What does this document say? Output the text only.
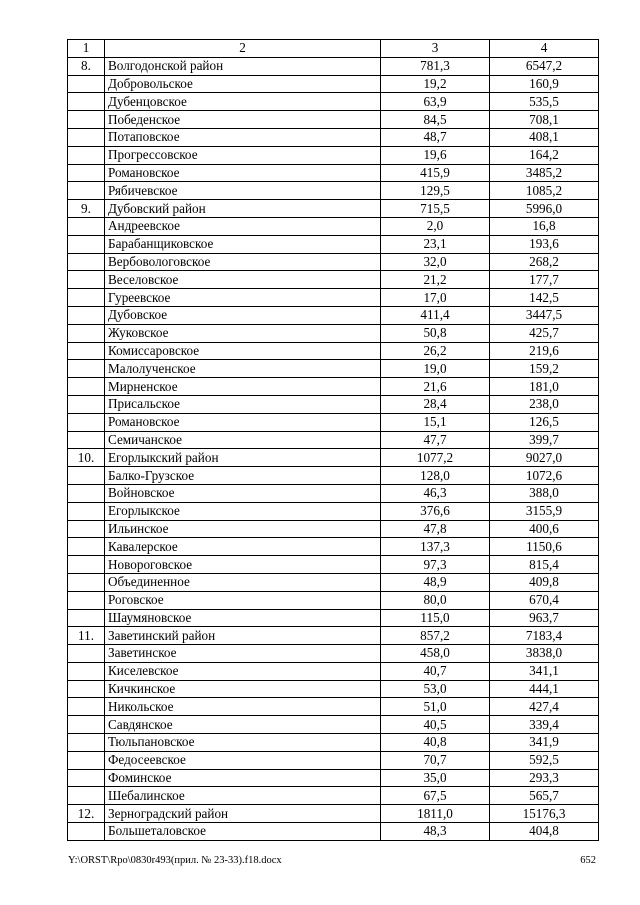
1	2	3	4
8.	Волгодонской район	781,3	6547,2
	Добровольское	19,2	160,9
	Дубенцовское	63,9	535,5
	Победенское	84,5	708,1
	Потаповское	48,7	408,1
	Прогрессовское	19,6	164,2
	Романовское	415,9	3485,2
	Рябичевское	129,5	1085,2
9.	Дубовский район	715,5	5996,0
	Андреевское	2,0	16,8
	Барабанщиковское	23,1	193,6
	Вербовологовское	32,0	268,2
	Веселовское	21,2	177,7
	Гуреевское	17,0	142,5
	Дубовское	411,4	3447,5
	Жуковское	50,8	425,7
	Комиссаровское	26,2	219,6
	Малолученское	19,0	159,2
	Мирненское	21,6	181,0
	Присальское	28,4	238,0
	Романовское	15,1	126,5
	Семичанское	47,7	399,7
10.	Егорлыкский район	1077,2	9027,0
	Балко-Грузское	128,0	1072,6
	Войновское	46,3	388,0
	Егорлыкское	376,6	3155,9
	Ильинское	47,8	400,6
	Кавалерское	137,3	1150,6
	Новороговское	97,3	815,4
	Объединенное	48,9	409,8
	Роговское	80,0	670,4
	Шаумяновское	115,0	963,7
11.	Заветинский район	857,2	7183,4
	Заветинское	458,0	3838,0
	Киселевское	40,7	341,1
	Кичкинское	53,0	444,1
	Никольское	51,0	427,4
	Савдянское	40,5	339,4
	Тюльпановское	40,8	341,9
	Федосеевское	70,7	592,5
	Фоминское	35,0	293,3
	Шебалинское	67,5	565,7
12.	Зерноградский район	1811,0	15176,3
	Большеталовское	48,3	404,8
Y:\ORST\Rpo\0830r493(прил. № 23-33).f18.docx	652
